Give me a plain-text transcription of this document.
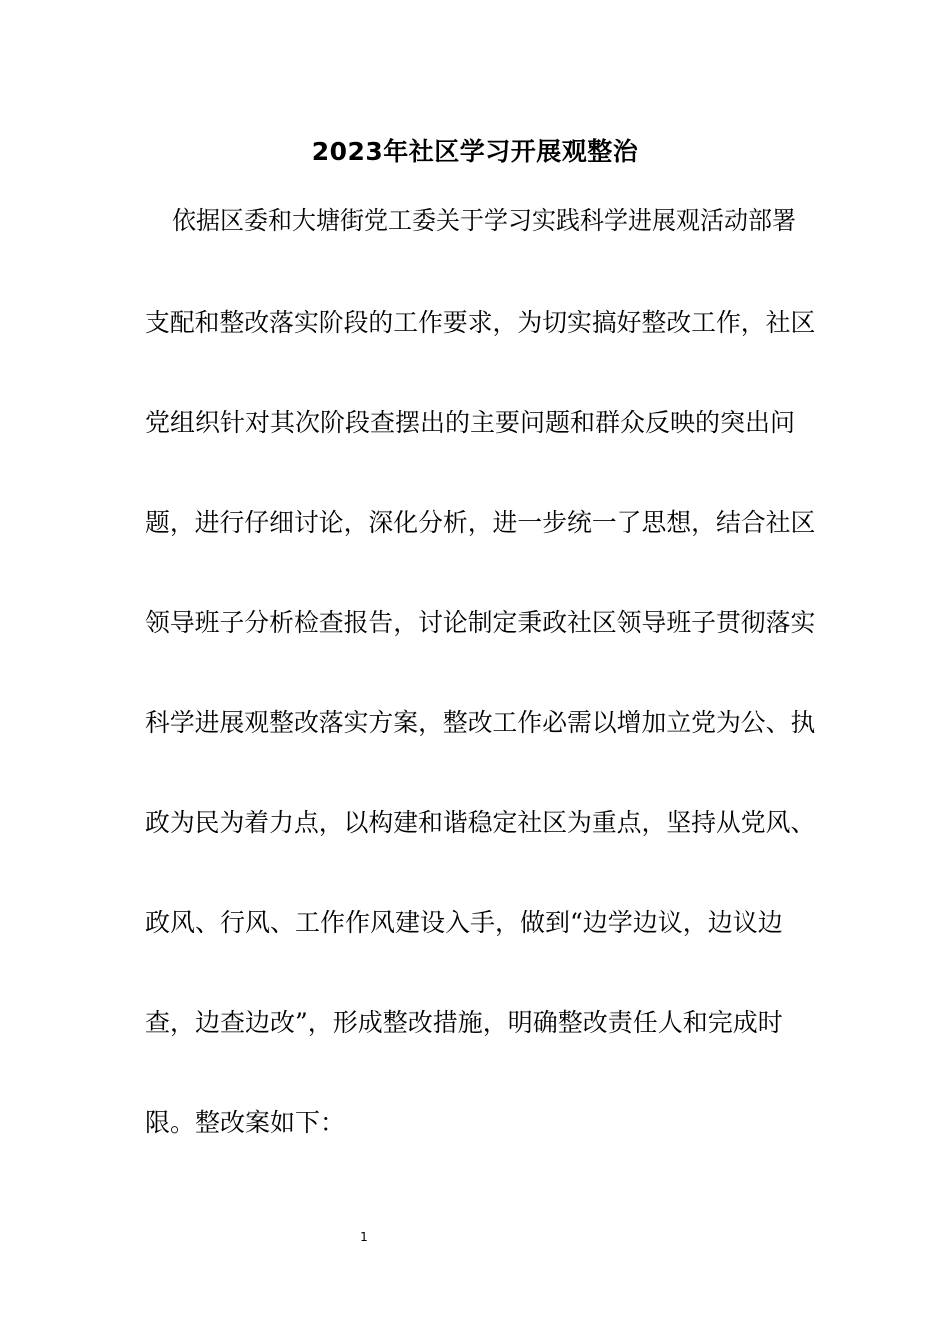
2023年社区学习开展观整治

依据区委和大塘街党工委关于学习实践科学进展观活动部署

支配和整改落实阶段的工作要求，为切实搞好整改工作，社区

党组织针对其次阶段查摆出的主要问题和群众反映的突出问

题，进行仔细讨论，深化分析，进一步统一了思想，结合社区

领导班子分析检查报告，讨论制定秉政社区领导班子贯彻落实

科学进展观整改落实方案，整改工作必需以增加立党为公、执

政为民为着力点，以构建和谐稳定社区为重点，坚持从党风、

政风、行风、工作作风建设入手，做到“边学边议，边议边

查，边查边改”，形成整改措施，明确整改责任人和完成时

限。整改案如下：

1
